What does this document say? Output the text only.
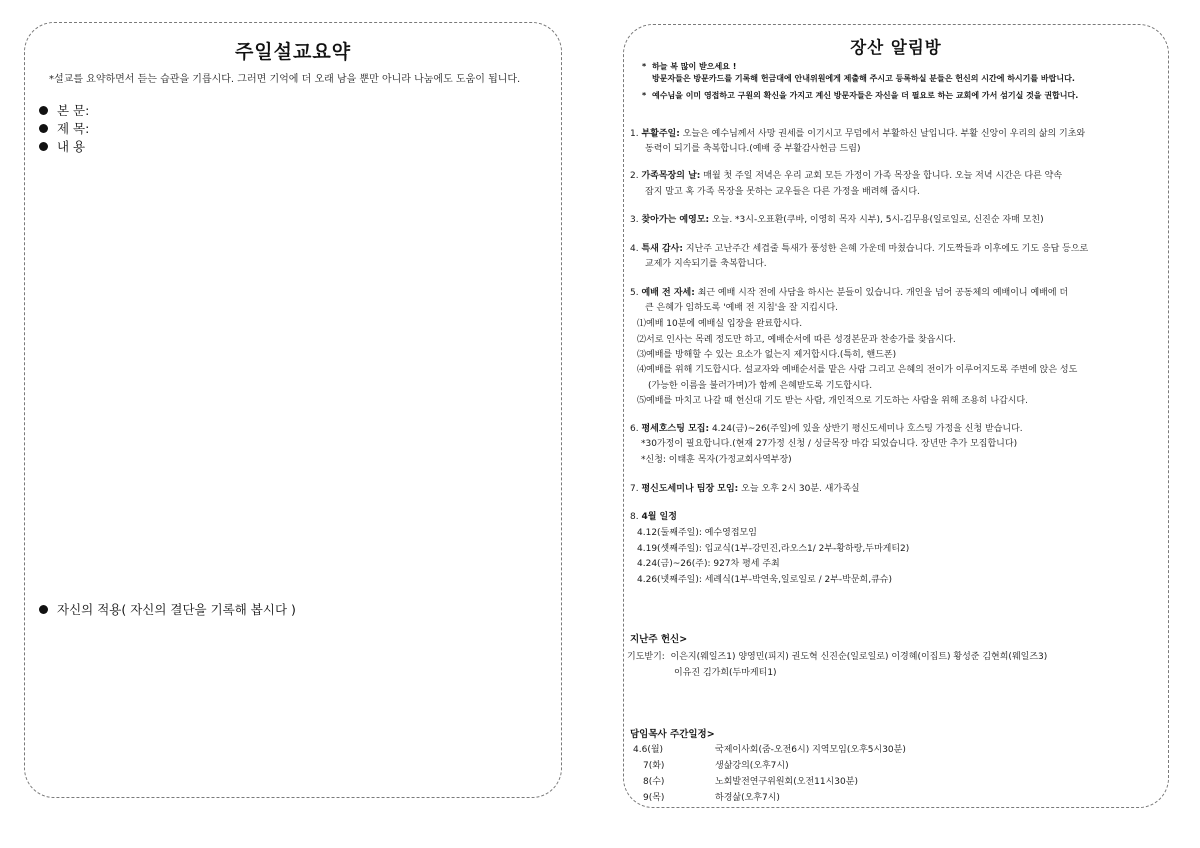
주일설교요약
*설교를 요약하면서 듣는 습관을 기릅시다. 그러면 기억에 더 오래 남을 뿐만 아니라 나눔에도 도움이 됩니다.
본 문:
제 목:
내 용
자신의 적용( 자신의 결단을 기록해 봅시다 )
장산 알림방
* 하늘 복 많이 받으세요 !
방문자들은 방문카드를 기록해 헌금대에 안내위원에게 제출해 주시고 등록하실 분들은 헌신의 시간에 하시기를 바랍니다.
* 예수님을 이미 영접하고 구원의 확신을 가지고 계신 방문자들은 자신을 더 필요로 하는 교회에 가서 섬기실 것을 권합니다.
1. 부활주일: 오늘은 예수님께서 사망 권세를 이기시고 무덤에서 부활하신 날입니다. 부활 신앙이 우리의 삶의 기초와
동력이 되기를 축복합니다.(예배 중 부활감사헌금 드림)
2. 가족목장의 날: 매월 첫 주일 저녁은 우리 교회 모든 가정이 가족 목장을 합니다. 오늘 저녁 시간은 다른 약속
잡지 말고 혹 가족 목장을 못하는 교우들은 다른 가정을 배려해 줍시다.
3. 찾아가는 예영모: 오늘. *3시-오표환(쿠바, 이영히 목자 시부), 5시-김무용(일로일로, 신진순 자매 모친)
4. 특새 감사: 지난주 고난주간 세겹줄 특새가 풍성한 은혜 가운데 마쳤습니다. 기도짝들과 이후에도 기도 응답 등으로
교제가 지속되기를 축복합니다.
5. 예배 전 자세: 최근 예배 시작 전에 사담을 하시는 분들이 있습니다. 개인을 넘어 공동체의 예배이니 예배에 더
큰 은혜가 임하도록 '예배 전 지침'을 잘 지킵시다.
⑴예배 10분에 예배실 입장을 완료합시다.
⑵서로 인사는 목례 정도만 하고, 예배순서에 따른 성경본문과 찬송가를 찾읍시다.
⑶예배를 방해할 수 있는 요소가 없는지 제거합시다.(특히, 핸드폰)
⑷예배를 위해 기도합시다. 설교자와 예배순서를 맡은 사람 그리고 은혜의 전이가 이루어지도록 주변에 앉은 성도
(가능한 이름을 불러가며)가 함께 은혜받도록 기도합시다.
⑸예배를 마치고 나갈 때 헌신대 기도 받는 사람, 개인적으로 기도하는 사람을 위해 조용히 나갑시다.
6. 평세호스팅 모집: 4.24(금)~26(주일)에 있을 상반기 평신도세미나 호스팅 가정을 신청 받습니다.
*30가정이 필요합니다.(현재 27가정 신청 / 싱글목장 마감 되었습니다. 장년만 추가 모집합니다)
*신청: 이태훈 목자(가정교회사역부장)
7. 평신도세미나 팀장 모임: 오늘 오후 2시 30분. 새가족실
8. 4월 일정
4.12(둘째주일): 예수영접모임
4.19(셋째주일): 입교식(1부-강민진,라오스1/ 2부-황하랑,두마게티2)
4.24(금)~26(주): 927차 평세 주최
4.26(넷째주일): 세례식(1부-박연욱,일로일로 / 2부-박문희,큐슈)
지난주 헌신>
기도받기: 이은지(웨일즈1) 양영민(피지) 권도혁 신진순(일로일로) 이경혜(이집트) 황성준 김현희(웨일즈3)
이유진 김가희(두마게티1)
담임목사 주간일정>
4.6(월)	국제이사회(줌-오전6시) 지역모임(오후5시30분)
7(화)	생삶강의(오후7시)
8(수)	노회발전연구위원회(오전11시30분)
9(목)	하경삶(오후7시)
